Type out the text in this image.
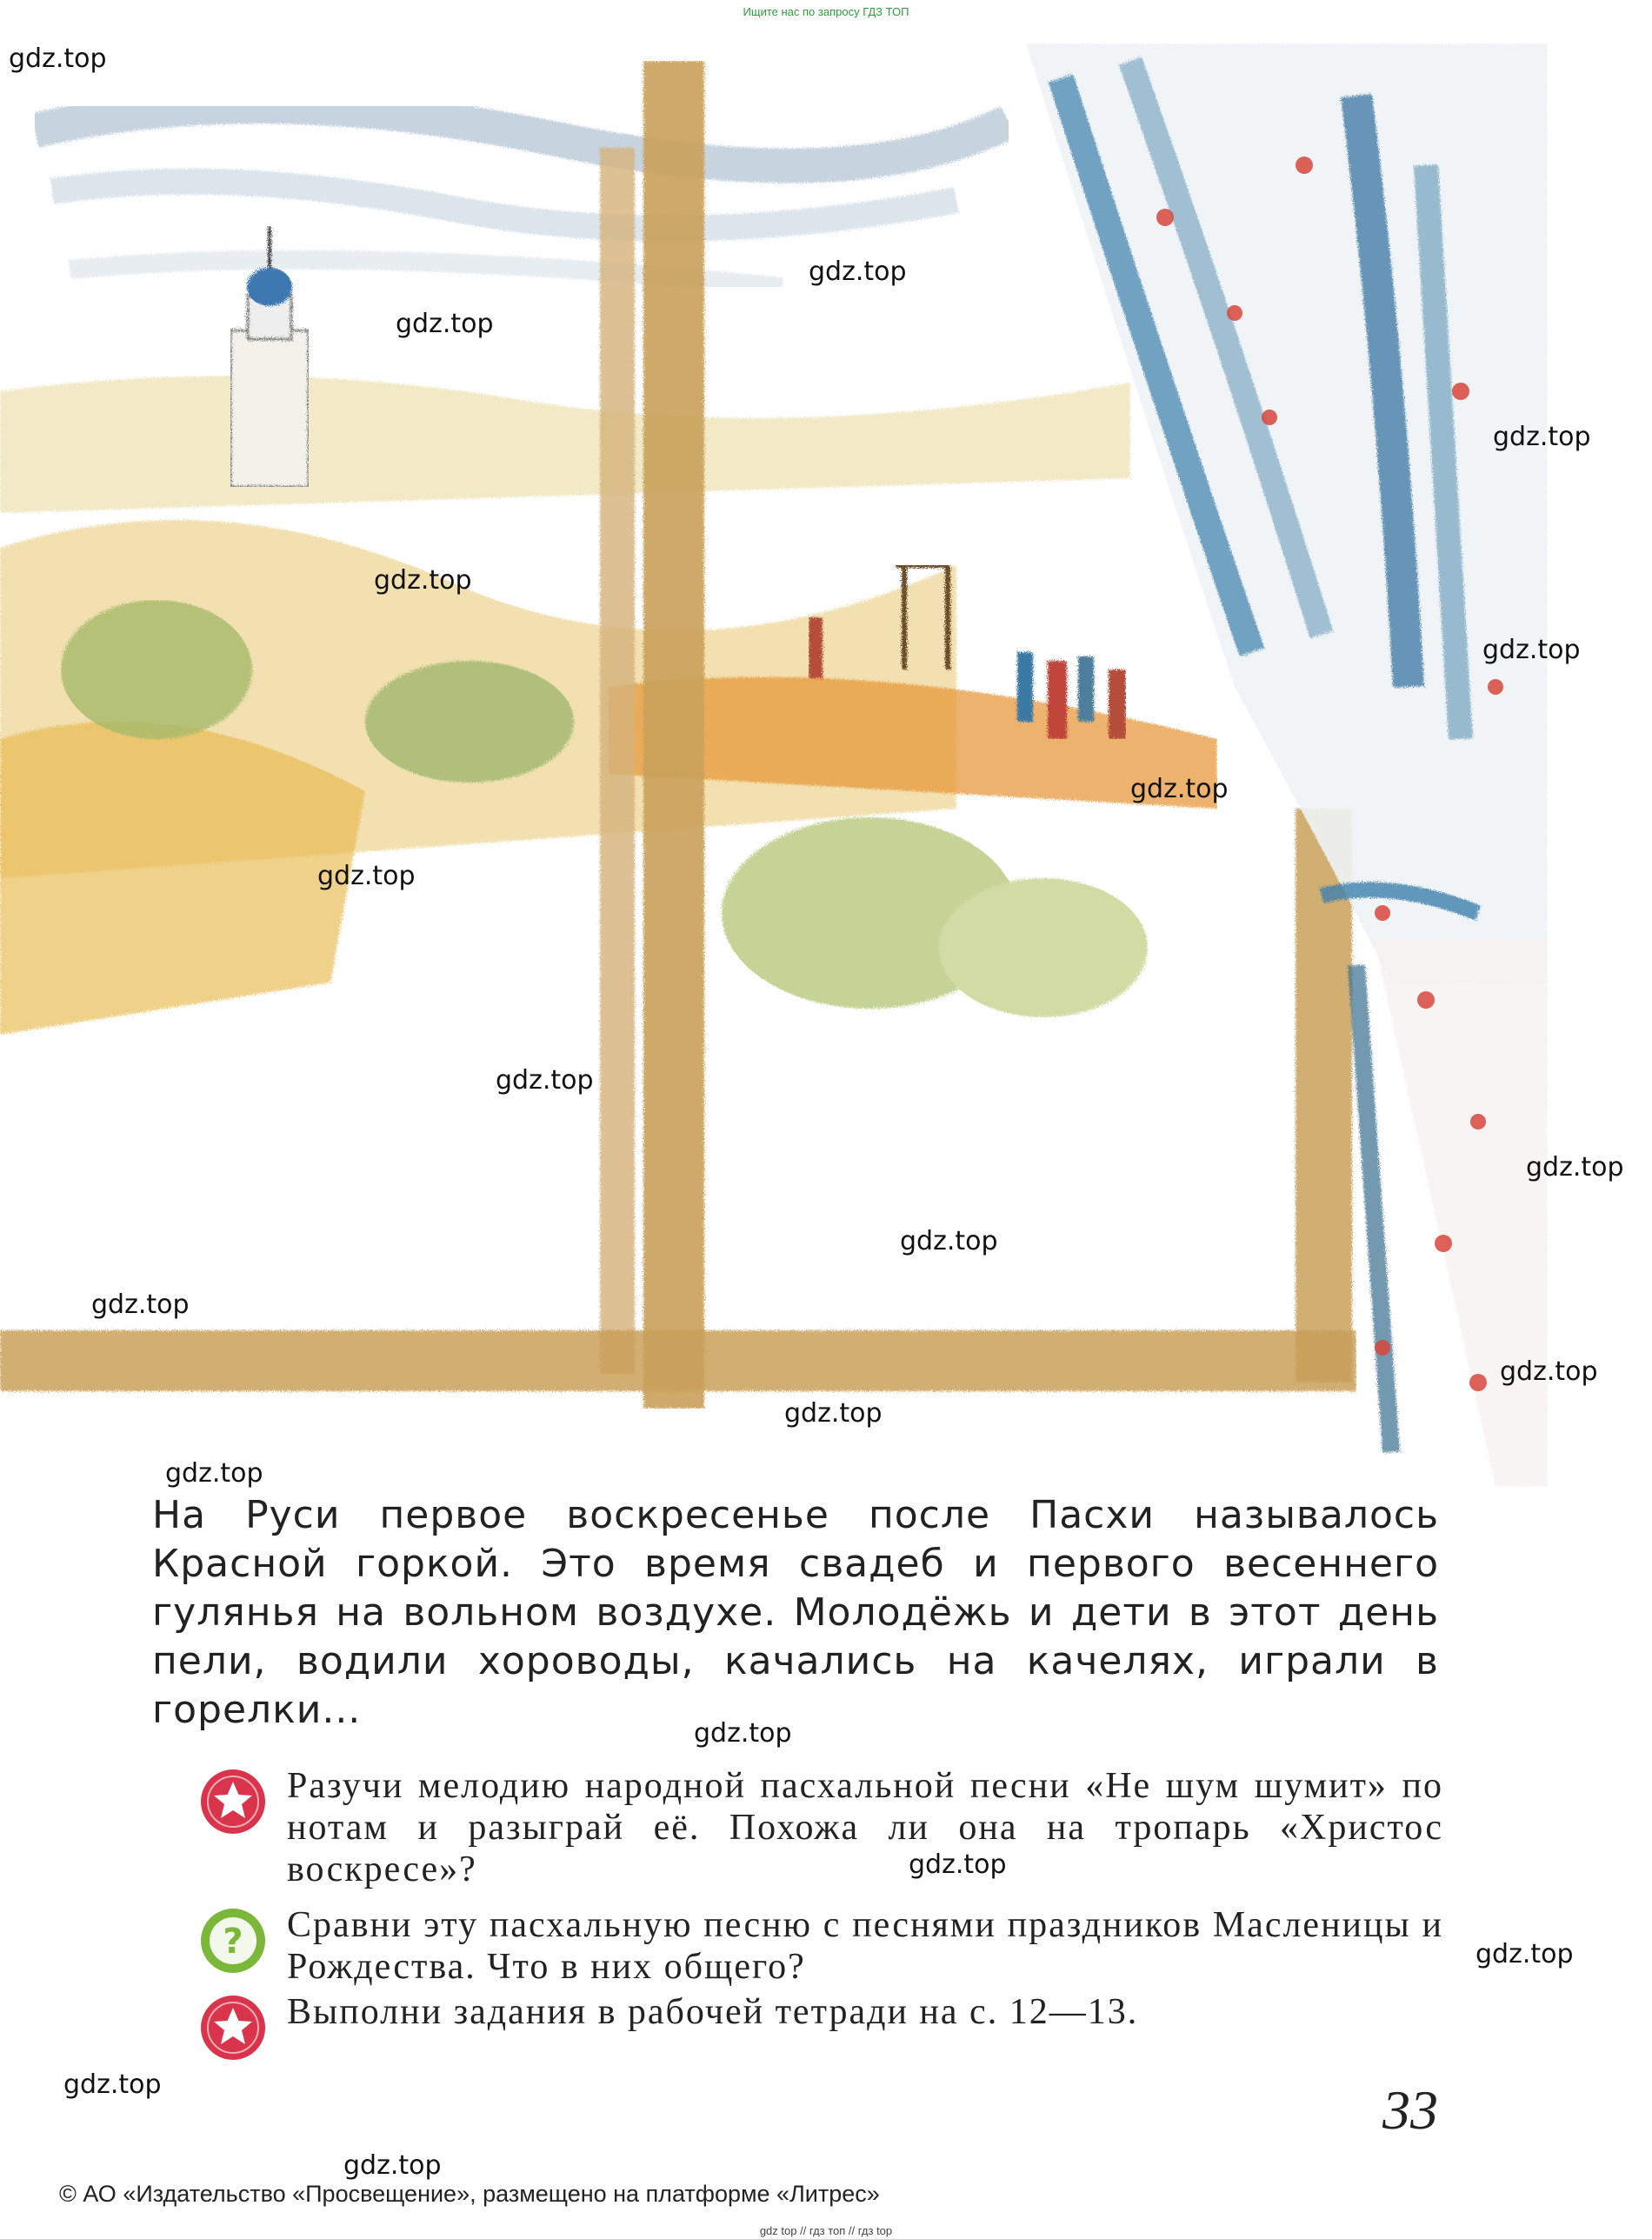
Ищите нас по запросу ГДЗ ТОП
gdz.top
gdz.top
gdz.top
gdz.top
gdz.top
gdz.top
gdz.top
gdz.top
gdz.top
gdz.top
gdz.top
gdz.top
gdz.top
gdz.top
gdz.top
gdz.top
gdz.top
gdz.top
gdz.top
gdz.top

На Руси первое воскресенье после Пасхи называлось Красной горкой. Это время свадеб и первого весеннего гулянья на вольном воздухе. Молодёжь и дети в этот день пели, водили хороводы, качались на качелях, играли в горелки...

Разучи мелодию народной пасхальной песни «Не шум шумит» по нотам и разыграй её. Похожа ли она на тропарь «Христос воскресе»?

? Сравни эту пасхальную песню с песнями праздников Масленицы и Рождества. Что в них общего?

Выполни задания в рабочей тетради на с. 12—13.

33
© АО «Издательство «Просвещение», размещено на платформе «Литрес»
gdz top // гдз топ // гдз top
